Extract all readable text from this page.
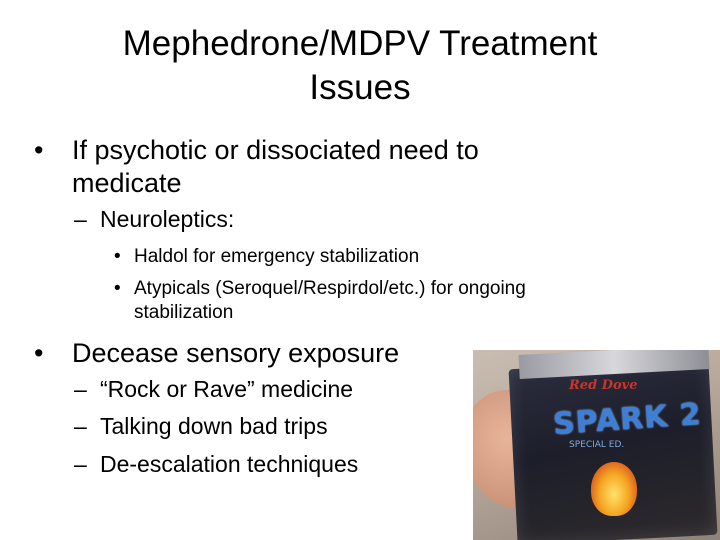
Mephedrone/MDPV Treatment
Issues
• If psychotic or dissociated need to
medicate
– Neuroleptics:
• Haldol for emergency stabilization
• Atypicals (Seroquel/Respirdol/etc.) for ongoing
stabilization
• Decease sensory exposure
– “Rock or Rave” medicine
– Talking down bad trips
– De-escalation techniques
Red Dove
SPARK 2
SPECIAL ED.
